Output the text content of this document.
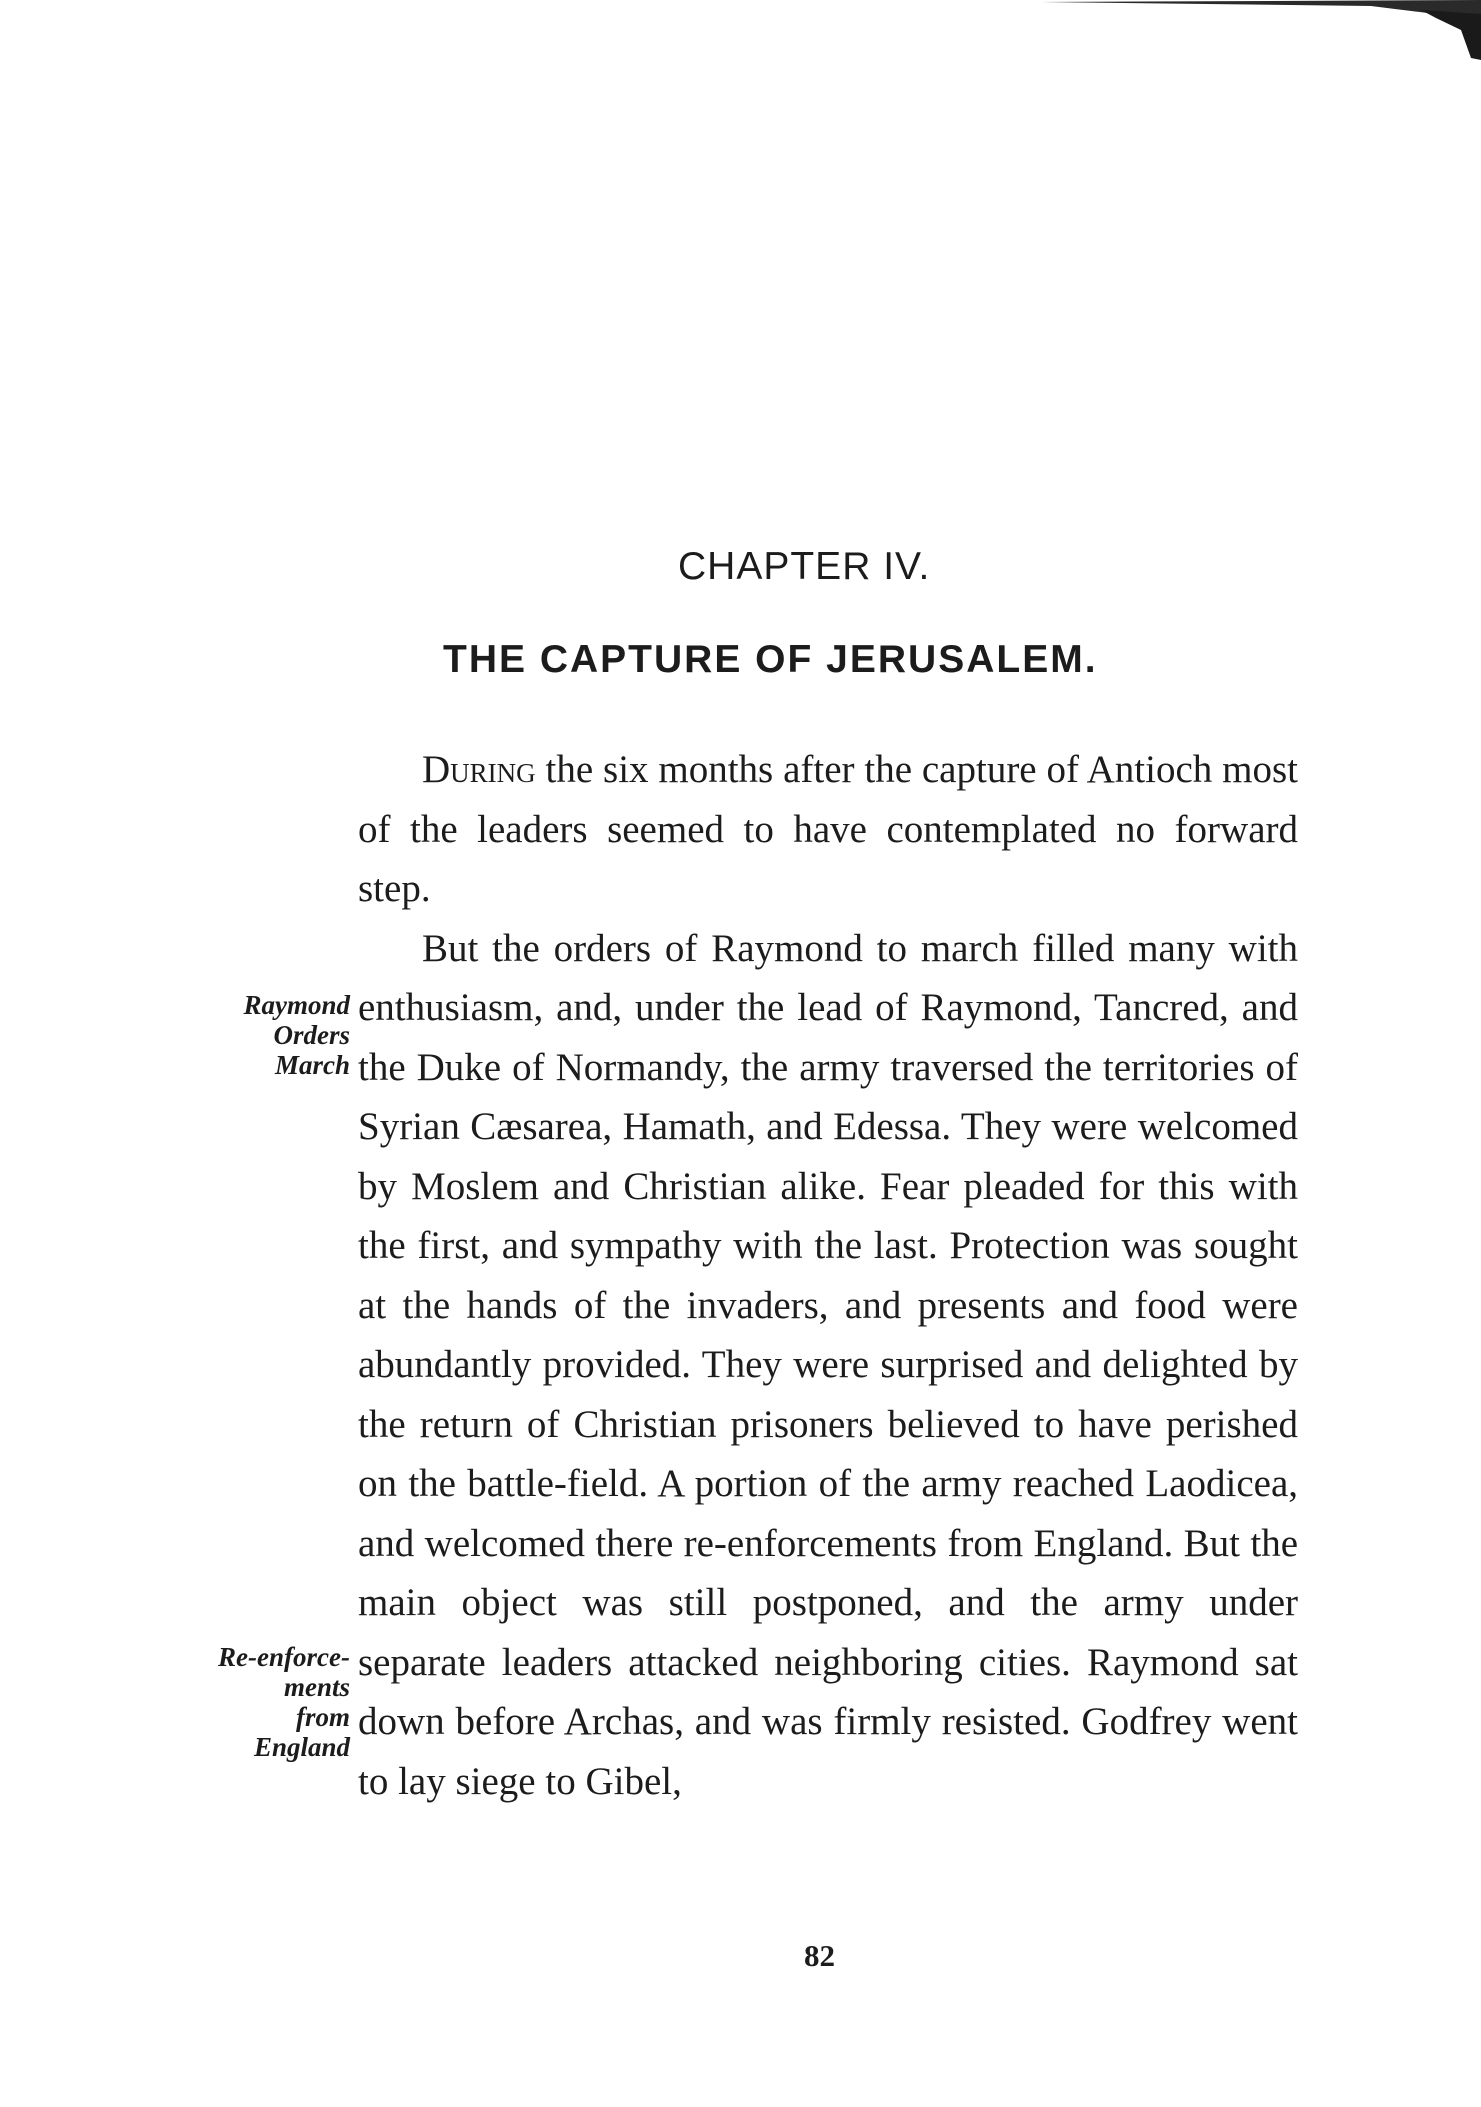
CHAPTER IV.
THE CAPTURE OF JERUSALEM.

During the six months after the capture of Antioch most of the leaders seemed to have contemplated no forward step.

But the orders of Raymond to march filled many with enthusiasm, and, under the lead of Raymond, Tancred, and the Duke of Normandy, the army traversed the territories of Syrian Cæsarea, Hamath, and Edessa. They were welcomed by Moslem and Christian alike. Fear pleaded for this with the first, and sympathy with the last. Protection was sought at the hands of the invaders, and presents and food were abundantly provided. They were surprised and delighted by the return of Christian prisoners believed to have perished on the battle-field. A portion of the army reached Laodicea, and welcomed there re-enforcements from England. But the main object was still postponed, and the army under separate leaders attacked neighboring cities. Raymond sat down before Archas, and was firmly resisted. Godfrey went to lay siege to Gibel,

Raymond
Orders
March
Re-enforce-
ments
from
England
82
